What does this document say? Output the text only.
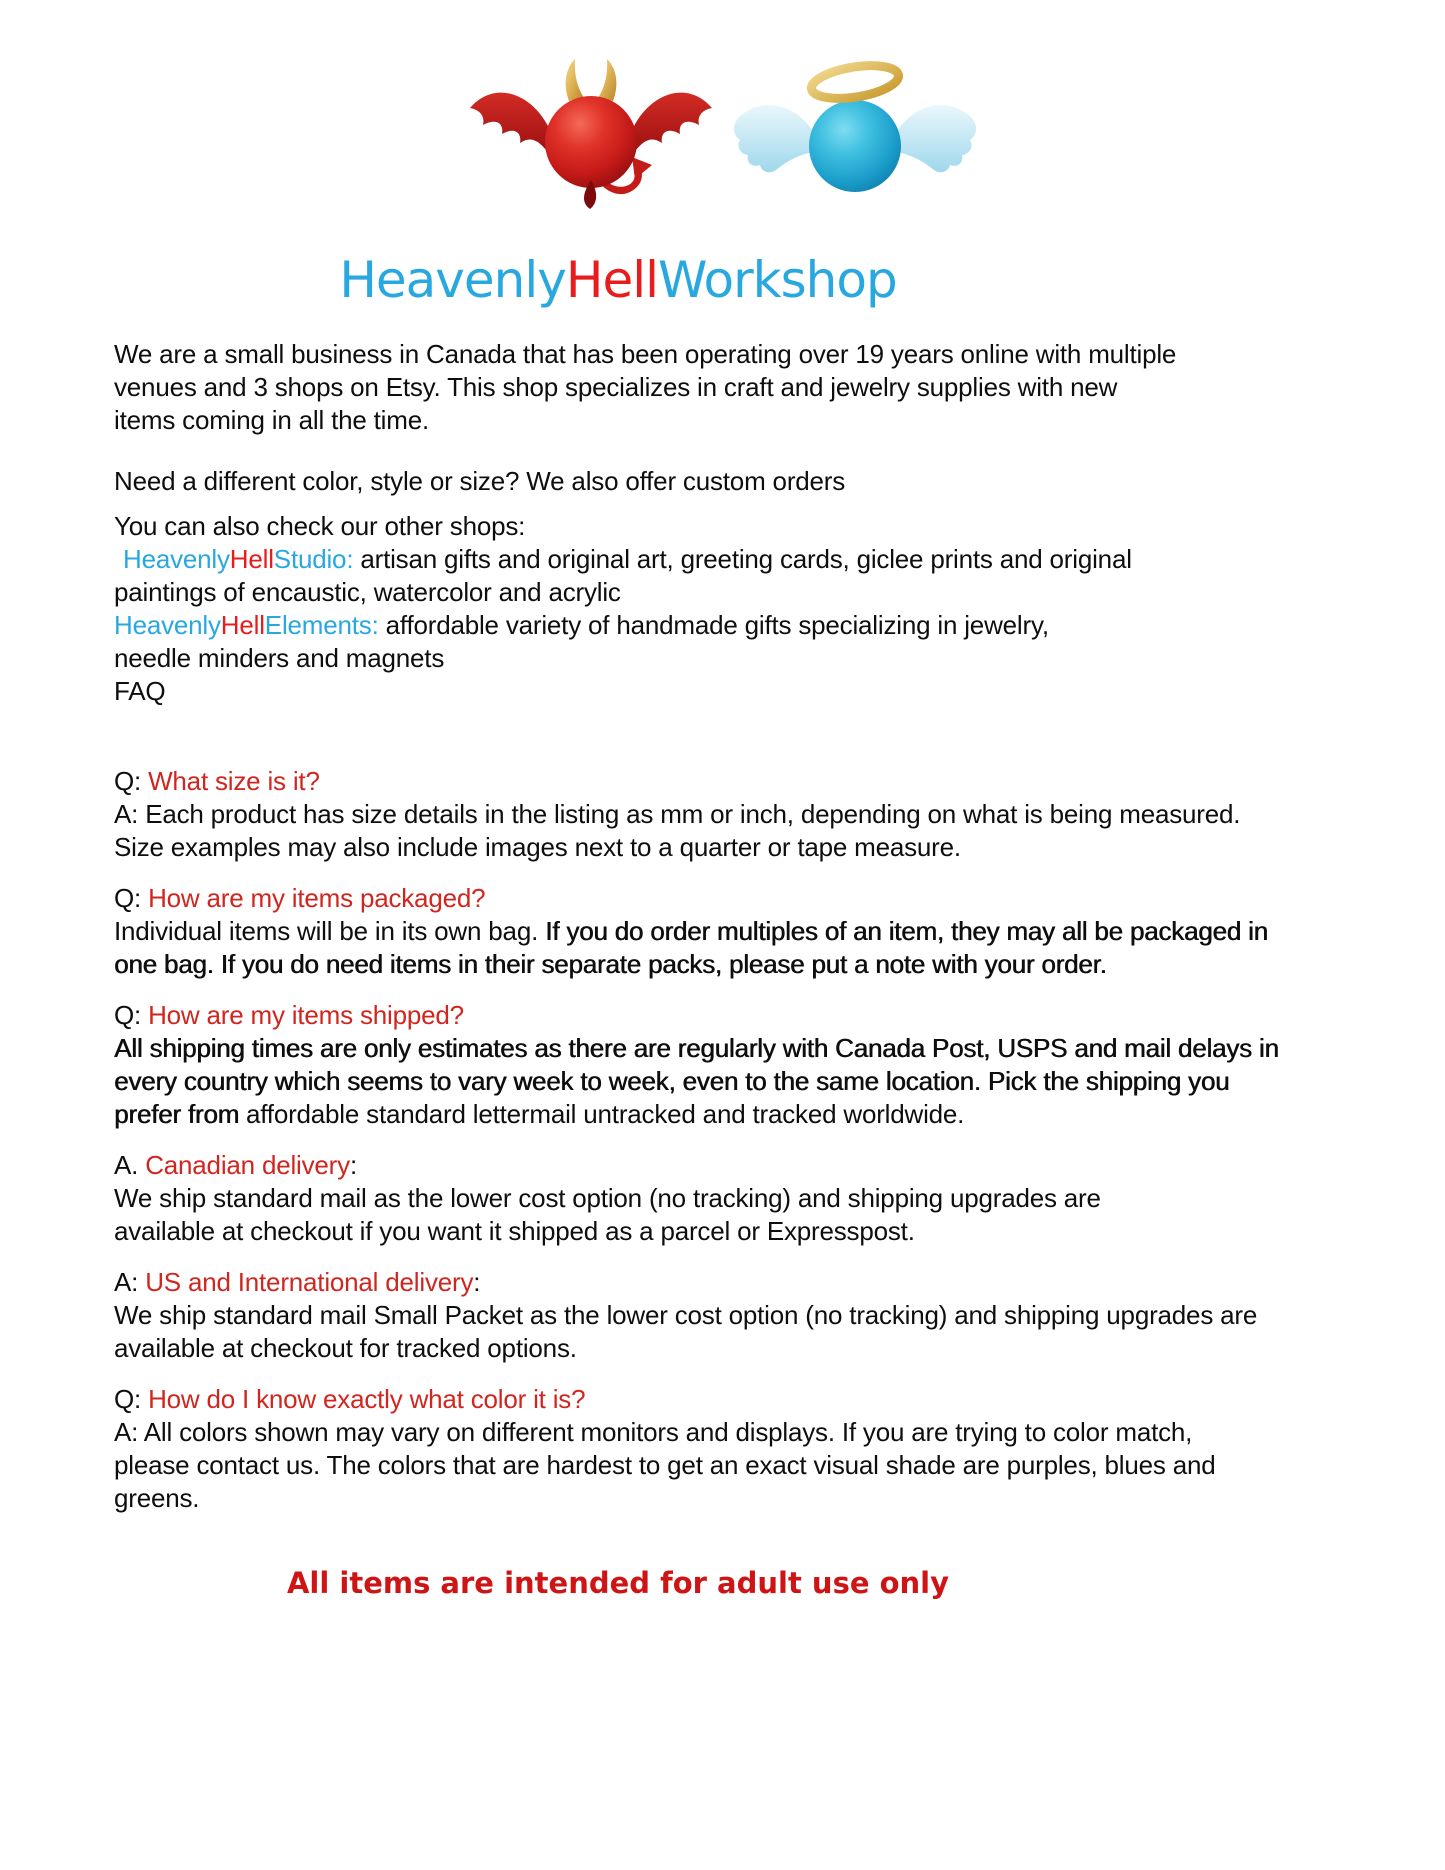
HeavenlyHellWorkshop
We are a small business in Canada that has been operating over 19 years online with multiple
venues and 3 shops on Etsy. This shop specializes in craft and jewelry supplies with new
items coming in all the time.
Need a different color, style or size? We also offer custom orders
You can also check our other shops:
HeavenlyHellStudio: artisan gifts and original art, greeting cards, giclee prints and original
paintings of encaustic, watercolor and acrylic
HeavenlyHellElements: affordable variety of handmade gifts specializing in jewelry,
needle minders and magnets
FAQ
Q: What size is it?
A: Each product has size details in the listing as mm or inch, depending on what is being measured.
Size examples may also include images next to a quarter or tape measure.
Q: How are my items packaged?
Individual items will be in its own bag. If you do order multiples of an item, they may all be packaged in
one bag. If you do need items in their separate packs, please put a note with your order.
Q: How are my items shipped?
All shipping times are only estimates as there are regularly with Canada Post, USPS and mail delays in
every country which seems to vary week to week, even to the same location. Pick the shipping you
prefer from affordable standard lettermail untracked and tracked worldwide.
A. Canadian delivery:
We ship standard mail as the lower cost option (no tracking) and shipping upgrades are
available at checkout if you want it shipped as a parcel or Expresspost.
A: US and International delivery:
We ship standard mail Small Packet as the lower cost option (no tracking) and shipping upgrades are
available at checkout for tracked options.
Q: How do I know exactly what color it is?
A: All colors shown may vary on different monitors and displays. If you are trying to color match,
please contact us. The colors that are hardest to get an exact visual shade are purples, blues and
greens.
All items are intended for adult use only
